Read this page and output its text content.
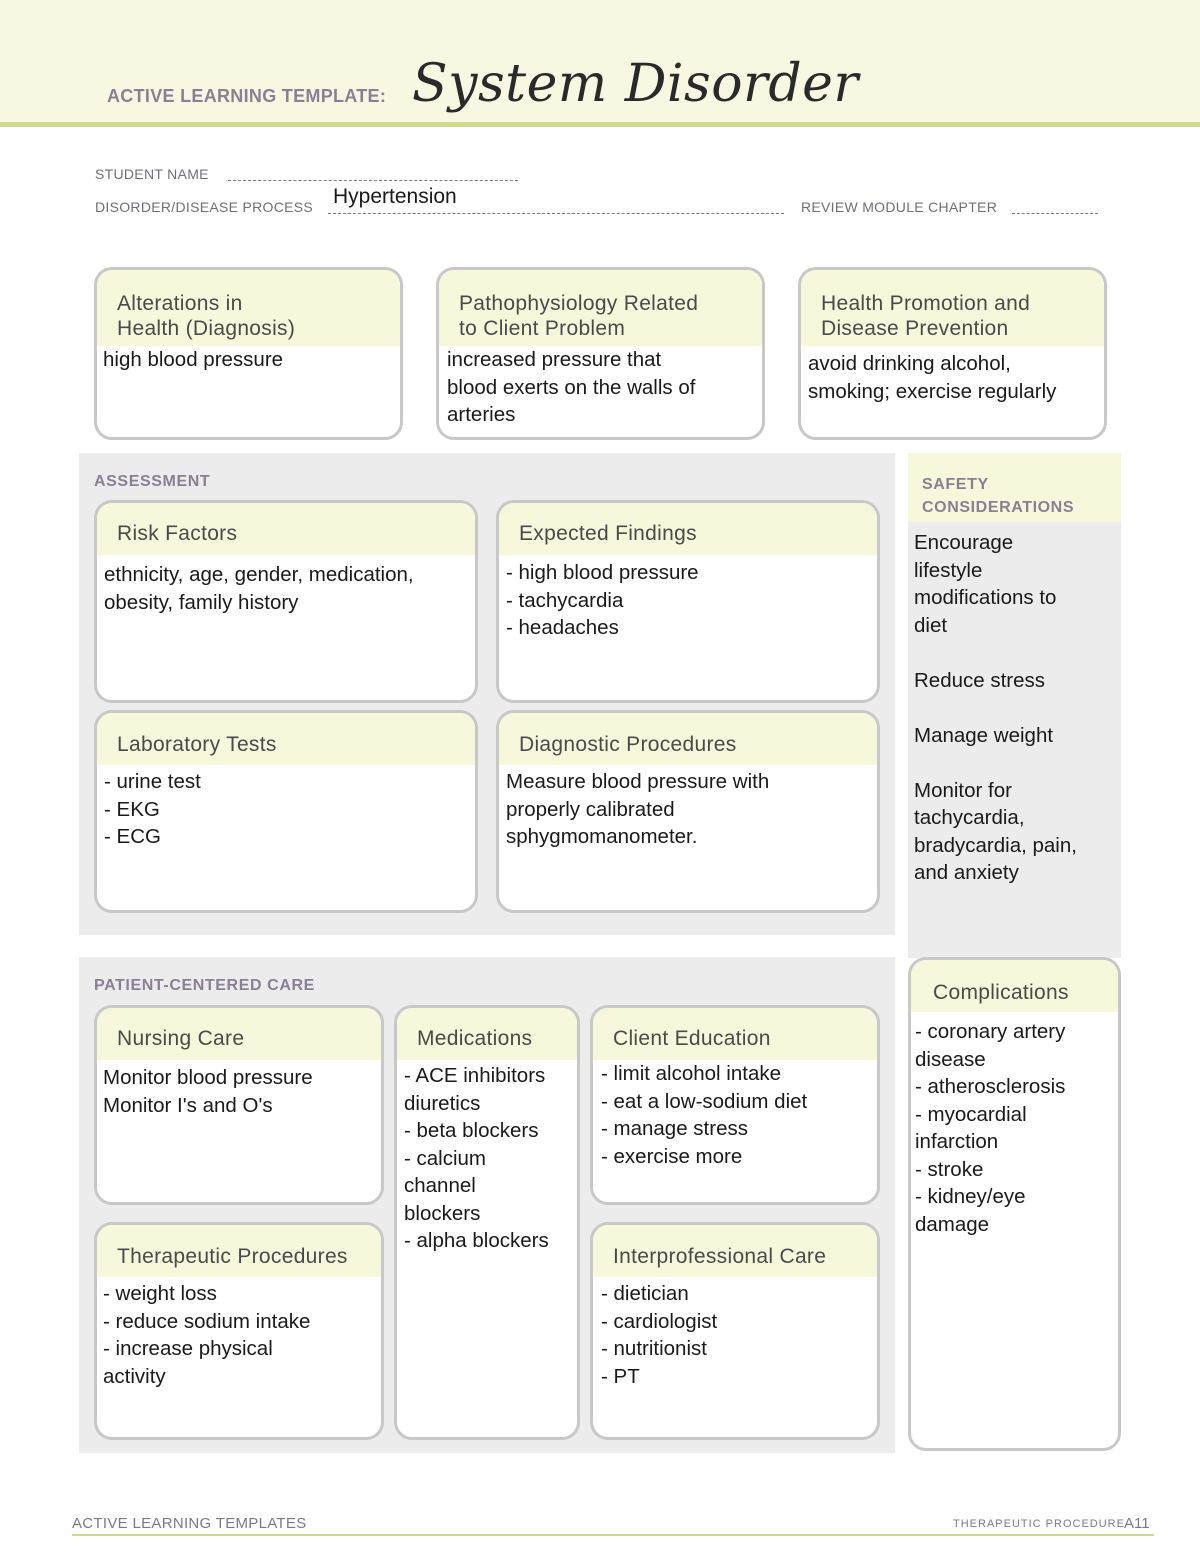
ACTIVE LEARNING TEMPLATE: System Disorder
STUDENT NAME
DISORDER/DISEASE PROCESS Hypertension	REVIEW MODULE CHAPTER
Alterations in
Health (Diagnosis)
high blood pressure
Pathophysiology Related
to Client Problem
increased pressure that
blood exerts on the walls of
arteries
Health Promotion and
Disease Prevention
avoid drinking alcohol,
smoking; exercise regularly
ASSESSMENT
Risk Factors
ethnicity, age, gender, medication,
obesity, family history
Expected Findings
- high blood pressure
- tachycardia
- headaches
Laboratory Tests
- urine test
- EKG
- ECG
Diagnostic Procedures
Measure blood pressure with
properly calibrated
sphygmomanometer.
SAFETY
CONSIDERATIONS
Encourage
lifestyle
modifications to
diet

Reduce stress

Manage weight

Monitor for
tachycardia,
bradycardia, pain,
and anxiety
PATIENT-CENTERED CARE
Nursing Care
Monitor blood pressure
Monitor I's and O's
Medications
- ACE inhibitors
diuretics
- beta blockers
- calcium
channel
blockers
- alpha blockers
Client Education
- limit alcohol intake
- eat a low-sodium diet
- manage stress
- exercise more
Therapeutic Procedures
- weight loss
- reduce sodium intake
- increase physical
activity
Interprofessional Care
- dietician
- cardiologist
- nutritionist
- PT
Complications
- coronary artery
disease
- atherosclerosis
- myocardial
infarction
- stroke
- kidney/eye
damage
ACTIVE LEARNING TEMPLATES	THERAPEUTIC PROCEDURE A11
